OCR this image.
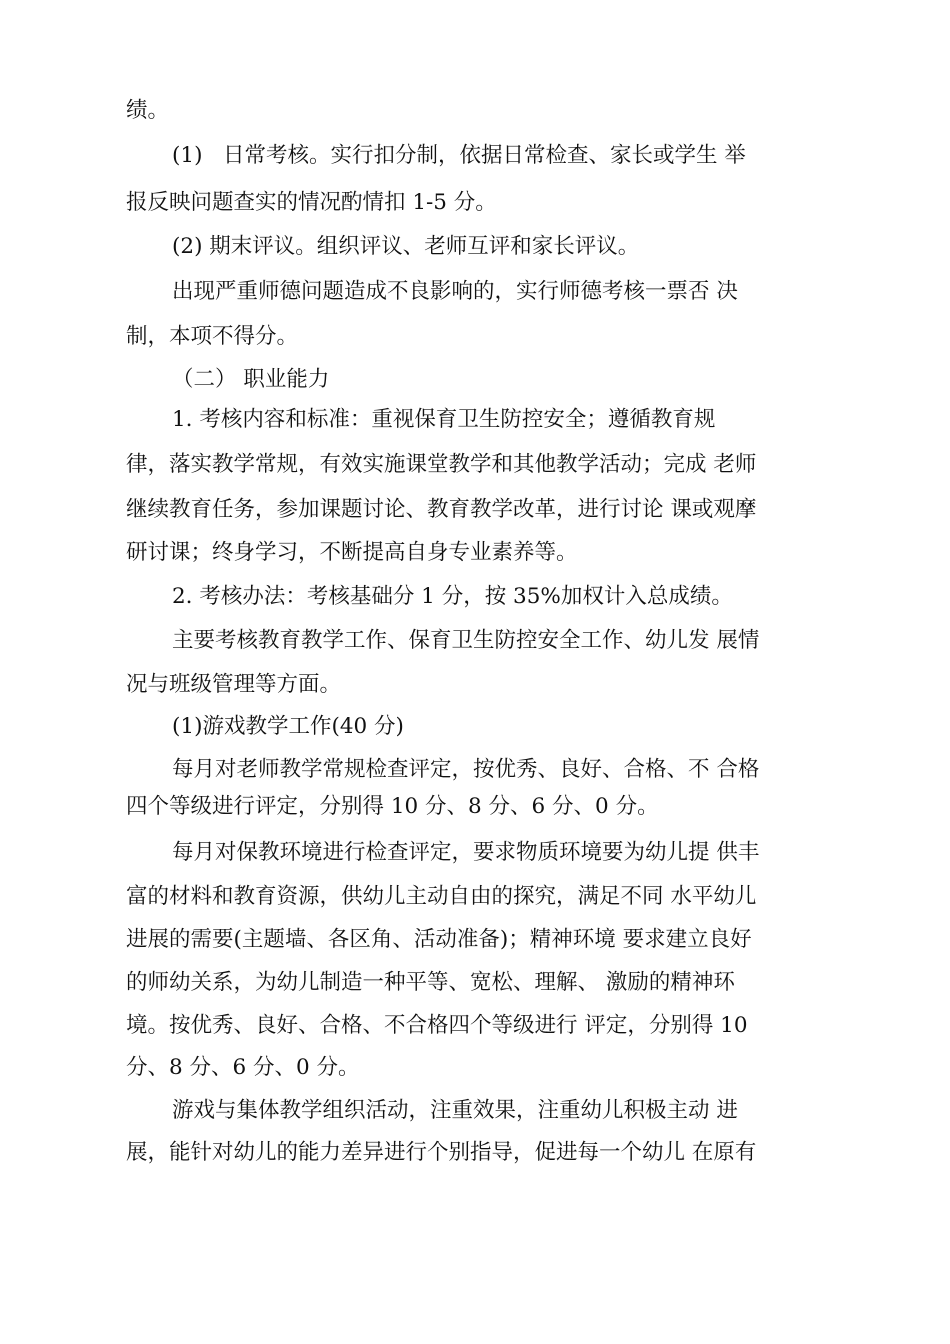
绩。
(1)   日常考核。实行扣分制，依据日常检查、家长或学生 举
报反映问题查实的情况酌情扣 1-5 分。
(2) 期末评议。组织评议、老师互评和家长评议。
出现严重师德问题造成不良影响的，实行师德考核一票否 决
制，本项不得分。
（二） 职业能力
1. 考核内容和标准：重视保育卫生防控安全；遵循教育规
律，落实教学常规，有效实施课堂教学和其他教学活动；完成 老师
继续教育任务，参加课题讨论、教育教学改革，进行讨论 课或观摩
研讨课；终身学习，不断提高自身专业素养等。
2. 考核办法：考核基础分 1 分，按 35%加权计入总成绩。
主要考核教育教学工作、保育卫生防控安全工作、幼儿发 展情
况与班级管理等方面。
(1)游戏教学工作(40 分)
每月对老师教学常规检查评定，按优秀、良好、合格、不 合格
四个等级进行评定，分别得 10 分、8 分、6 分、0 分。
每月对保教环境进行检查评定，要求物质环境要为幼儿提 供丰
富的材料和教育资源，供幼儿主动自由的探究，满足不同 水平幼儿
进展的需要(主题墙、各区角、活动准备)；精神环境 要求建立良好
的师幼关系，为幼儿制造一种平等、宽松、理解、 激励的精神环
境。按优秀、良好、合格、不合格四个等级进行 评定，分别得 10
分、8 分、6 分、0 分。
游戏与集体教学组织活动，注重效果，注重幼儿积极主动 进
展，能针对幼儿的能力差异进行个别指导，促进每一个幼儿 在原有
